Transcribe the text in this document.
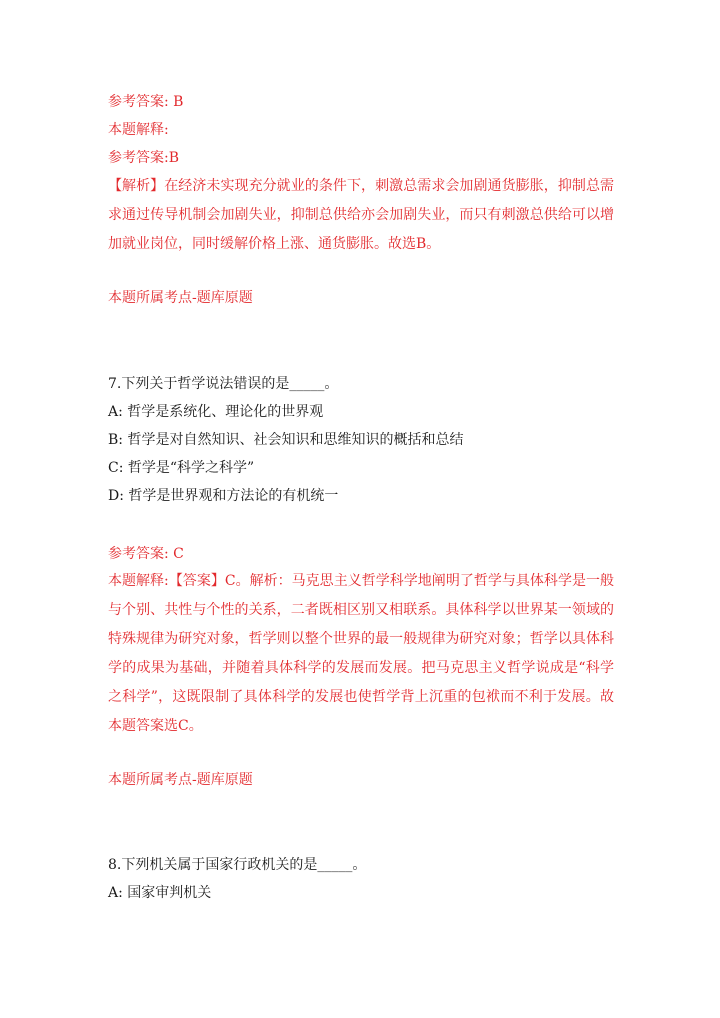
参考答案: B
本题解释:
参考答案:B
【解析】在经济未实现充分就业的条件下，刺激总需求会加剧通货膨胀，抑制总需求通过传导机制会加剧失业，抑制总供给亦会加剧失业，而只有刺激总供给可以增加就业岗位，同时缓解价格上涨、通货膨胀。故选B。
本题所属考点-题库原题
7.下列关于哲学说法错误的是_____。
A: 哲学是系统化、理论化的世界观
B: 哲学是对自然知识、社会知识和思维知识的概括和总结
C: 哲学是“科学之科学”
D: 哲学是世界观和方法论的有机统一
参考答案: C
本题解释:【答案】C。解析：马克思主义哲学科学地阐明了哲学与具体科学是一般与个别、共性与个性的关系，二者既相区别又相联系。具体科学以世界某一领域的特殊规律为研究对象，哲学则以整个世界的最一般规律为研究对象；哲学以具体科学的成果为基础，并随着具体科学的发展而发展。把马克思主义哲学说成是“科学之科学”，这既限制了具体科学的发展也使哲学背上沉重的包袱而不利于发展。故本题答案选C。
本题所属考点-题库原题
8.下列机关属于国家行政机关的是_____。
A: 国家审判机关
